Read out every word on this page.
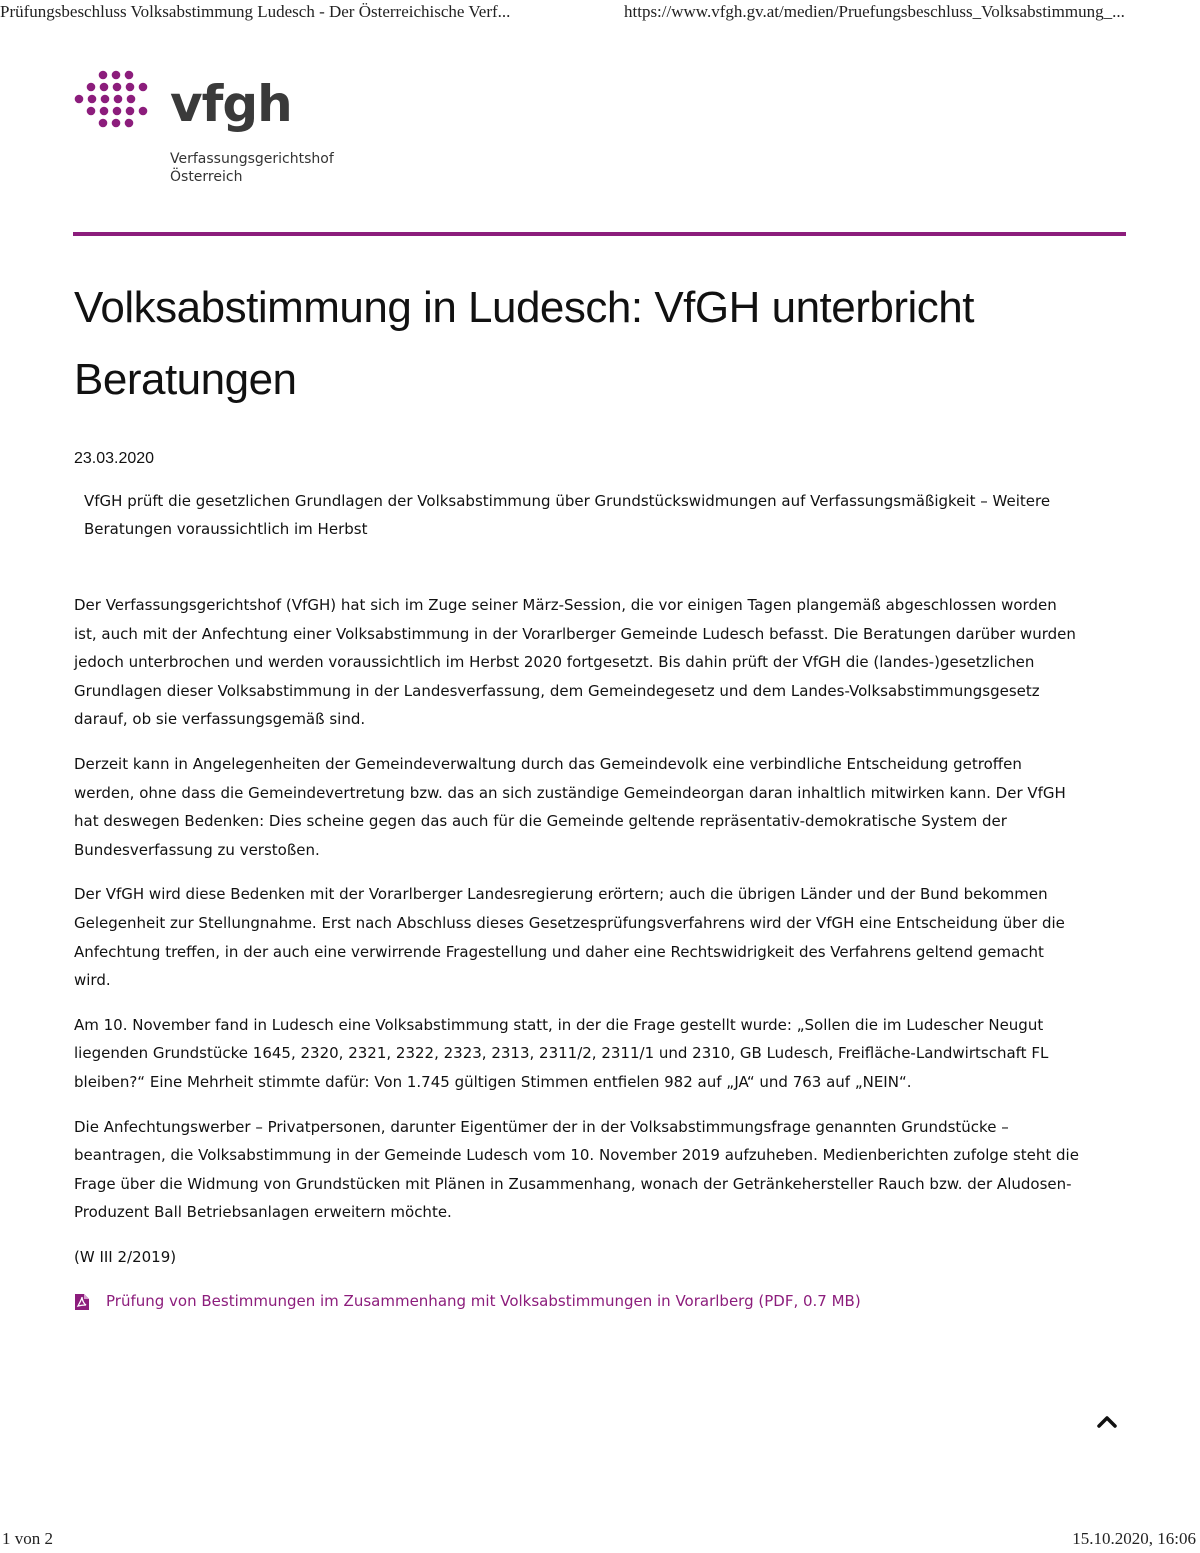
Prüfungsbeschluss Volksabstimmung Ludesch - Der Österreichische Verf...	https://www.vfgh.gv.at/medien/Pruefungsbeschluss_Volksabstimmung_...
vfgh
Verfassungsgerichtshof
Österreich
Volksabstimmung in Ludesch: VfGH unterbricht Beratungen
23.03.2020
VfGH prüft die gesetzlichen Grundlagen der Volksabstimmung über Grundstückswidmungen auf Verfassungsmäßigkeit – Weitere Beratungen voraussichtlich im Herbst

Der Verfassungsgerichtshof (VfGH) hat sich im Zuge seiner März-Session, die vor einigen Tagen plangemäß abgeschlossen worden ist, auch mit der Anfechtung einer Volksabstimmung in der Vorarlberger Gemeinde Ludesch befasst. Die Beratungen darüber wurden jedoch unterbrochen und werden voraussichtlich im Herbst 2020 fortgesetzt. Bis dahin prüft der VfGH die (landes-)gesetzlichen Grundlagen dieser Volksabstimmung in der Landesverfassung, dem Gemeindegesetz und dem Landes-Volksabstimmungsgesetz darauf, ob sie verfassungsgemäß sind.

Derzeit kann in Angelegenheiten der Gemeindeverwaltung durch das Gemeindevolk eine verbindliche Entscheidung getroffen werden, ohne dass die Gemeindevertretung bzw. das an sich zuständige Gemeindeorgan daran inhaltlich mitwirken kann. Der VfGH hat deswegen Bedenken: Dies scheine gegen das auch für die Gemeinde geltende repräsentativ-demokratische System der Bundesverfassung zu verstoßen.

Der VfGH wird diese Bedenken mit der Vorarlberger Landesregierung erörtern; auch die übrigen Länder und der Bund bekommen Gelegenheit zur Stellungnahme. Erst nach Abschluss dieses Gesetzesprüfungsverfahrens wird der VfGH eine Entscheidung über die Anfechtung treffen, in der auch eine verwirrende Fragestellung und daher eine Rechtswidrigkeit des Verfahrens geltend gemacht wird.

Am 10. November fand in Ludesch eine Volksabstimmung statt, in der die Frage gestellt wurde: „Sollen die im Ludescher Neugut liegenden Grundstücke 1645, 2320, 2321, 2322, 2323, 2313, 2311/2, 2311/1 und 2310, GB Ludesch, Freifläche-Landwirtschaft FL bleiben?“ Eine Mehrheit stimmte dafür: Von 1.745 gültigen Stimmen entfielen 982 auf „JA“ und 763 auf „NEIN“.

Die Anfechtungswerber – Privatpersonen, darunter Eigentümer der in der Volksabstimmungsfrage genannten Grundstücke – beantragen, die Volksabstimmung in der Gemeinde Ludesch vom 10. November 2019 aufzuheben. Medienberichten zufolge steht die Frage über die Widmung von Grundstücken mit Plänen in Zusammenhang, wonach der Getränkehersteller Rauch bzw. der Aludosen-Produzent Ball Betriebsanlagen erweitern möchte.

(W III 2/2019)

Prüfung von Bestimmungen im Zusammenhang mit Volksabstimmungen in Vorarlberg (PDF, 0.7 MB)
1 von 2	15.10.2020, 16:06
